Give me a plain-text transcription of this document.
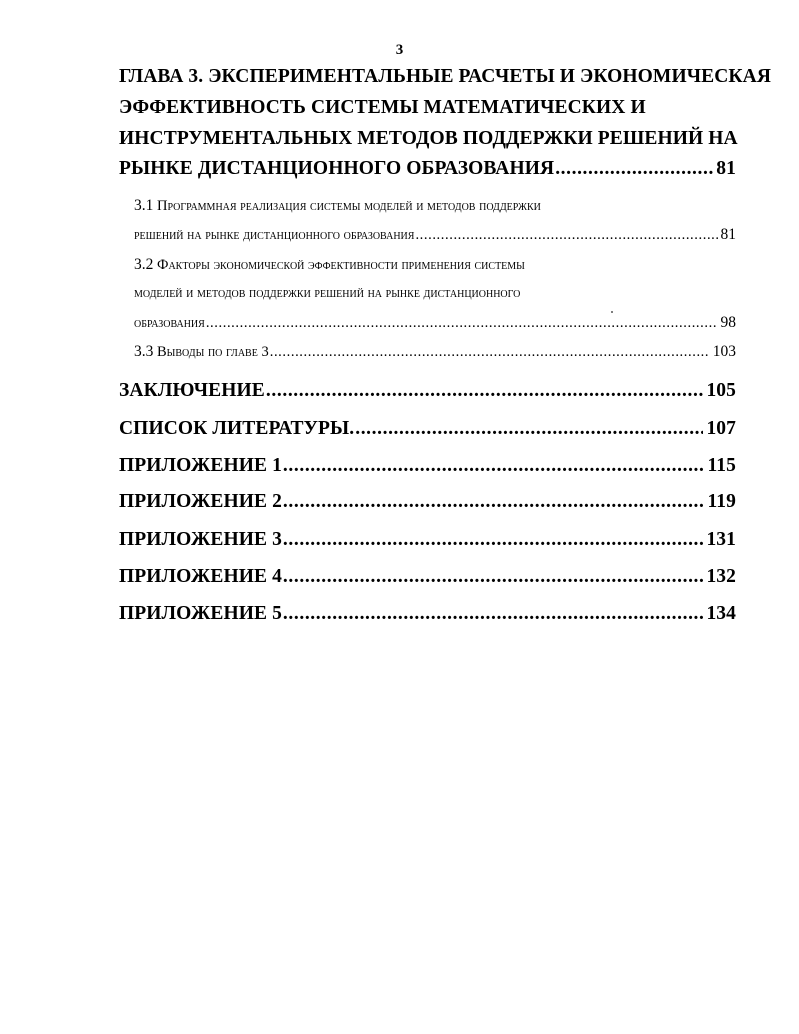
3
ГЛАВА 3. ЭКСПЕРИМЕНТАЛЬНЫЕ РАСЧЕТЫ И ЭКОНОМИЧЕСКАЯ
ЭФФЕКТИВНОСТЬ СИСТЕМЫ МАТЕМАТИЧЕСКИХ И
ИНСТРУМЕНТАЛЬНЫХ МЕТОДОВ ПОДДЕРЖКИ РЕШЕНИЙ НА
РЫНКЕ ДИСТАНЦИОННОГО ОБРАЗОВАНИЯ .....	81
3.1
Программная реализация системы моделей и методов поддержки
решений на рынке дистанционного образования .....	81
3.2
Факторы экономической эффективности применения системы
моделей и методов поддержки решений на рынке дистанционного
образования .....	98
3.3
Выводы по главе 3 .....	103
ЗАКЛЮЧЕНИЕ .....	105
СПИСОК ЛИТЕРАТУРЫ. .....	107
ПРИЛОЖЕНИЕ 1 .....	115
ПРИЛОЖЕНИЕ 2 .....	119
ПРИЛОЖЕНИЕ 3 .....	131
ПРИЛОЖЕНИЕ 4 .....	132
ПРИЛОЖЕНИЕ 5 .....	134
